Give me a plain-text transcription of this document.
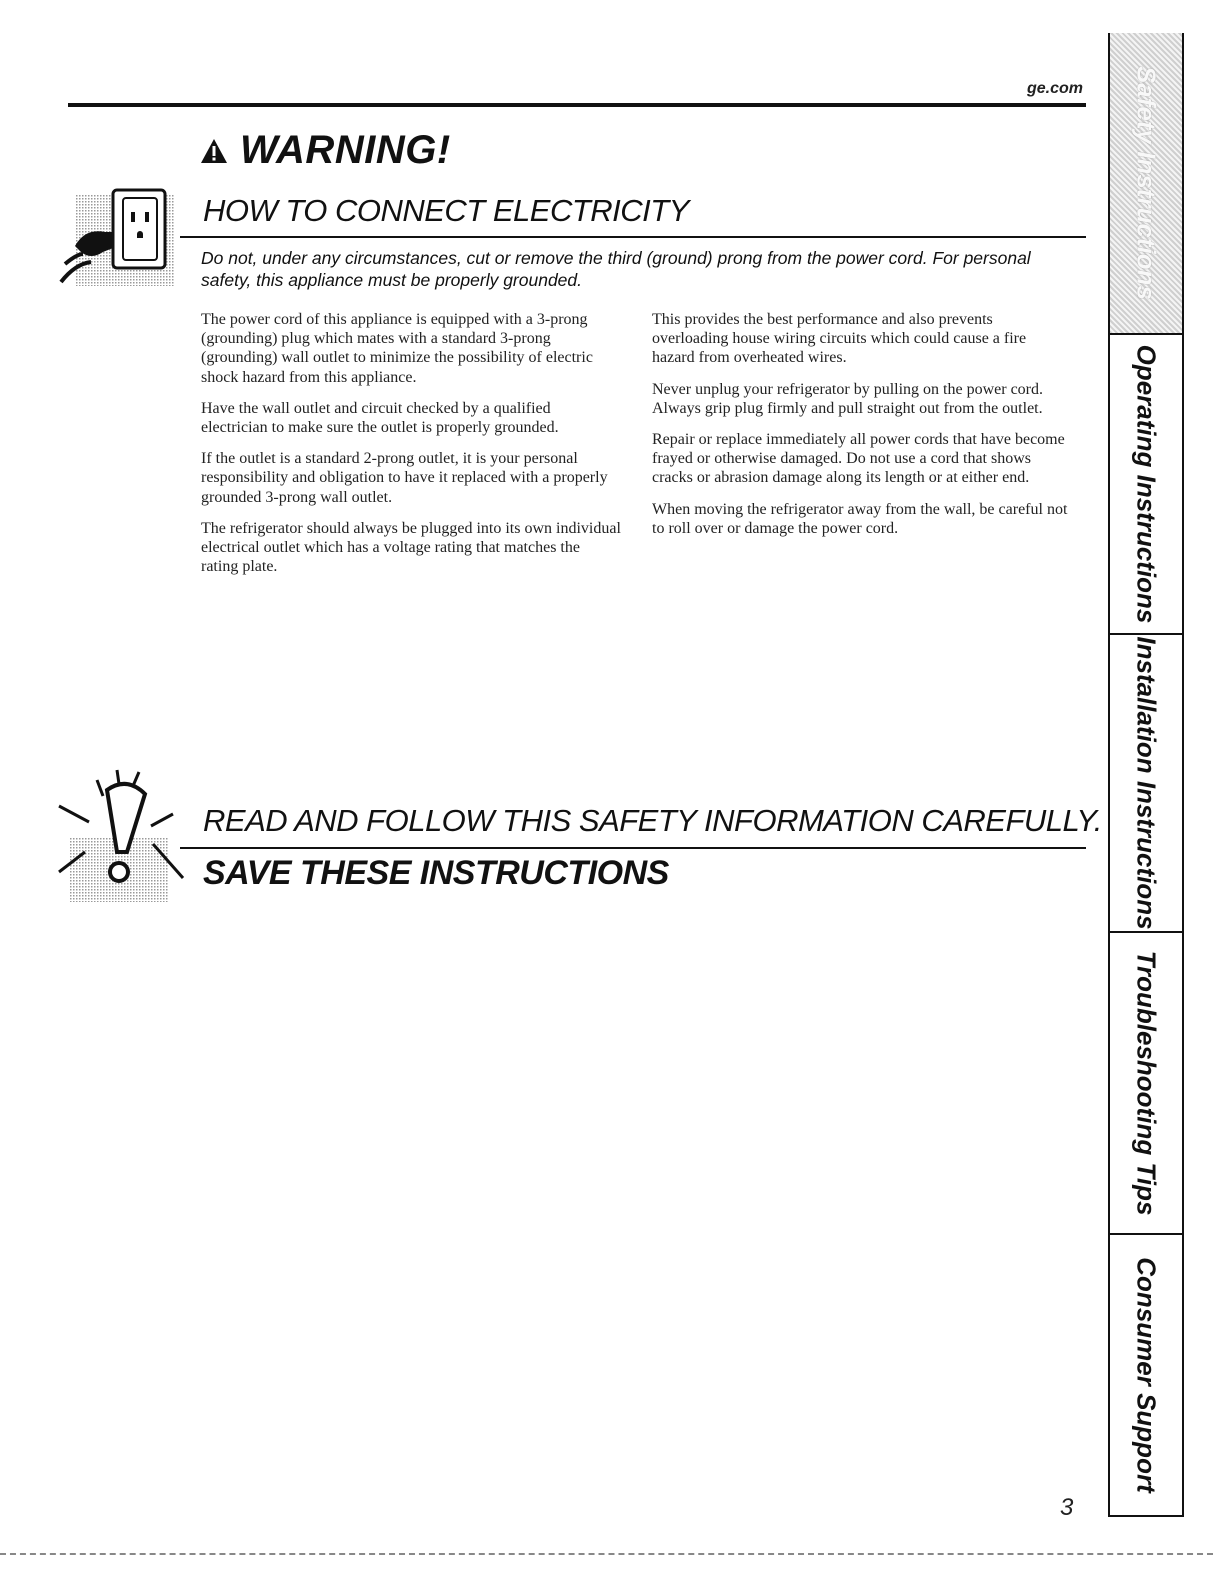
ge.com
WARNING!
HOW TO CONNECT ELECTRICITY
Do not, under any circumstances, cut or remove the third (ground) prong from the power cord. For personal safety, this appliance must be properly grounded.

The power cord of this appliance is equipped with a 3-prong (grounding) plug which mates with a standard 3-prong (grounding) wall outlet to minimize the possibility of electric shock hazard from this appliance.

Have the wall outlet and circuit checked by a qualified electrician to make sure the outlet is properly grounded.

If the outlet is a standard 2-prong outlet, it is your personal responsibility and obligation to have it replaced with a properly grounded 3-prong wall outlet.

The refrigerator should always be plugged into its own individual electrical outlet which has a voltage rating that matches the rating plate.

This provides the best performance and also prevents overloading house wiring circuits which could cause a fire hazard from overheated wires.

Never unplug your refrigerator by pulling on the power cord. Always grip plug firmly and pull straight out from the outlet.

Repair or replace immediately all power cords that have become frayed or otherwise damaged. Do not use a cord that shows cracks or abrasion damage along its length or at either end.

When moving the refrigerator away from the wall, be careful not to roll over or damage the power cord.

READ AND FOLLOW THIS SAFETY INFORMATION CAREFULLY.
SAVE THESE INSTRUCTIONS
Safety Instructions
Operating Instructions
Installation Instructions
Troubleshooting Tips
Consumer Support
3
